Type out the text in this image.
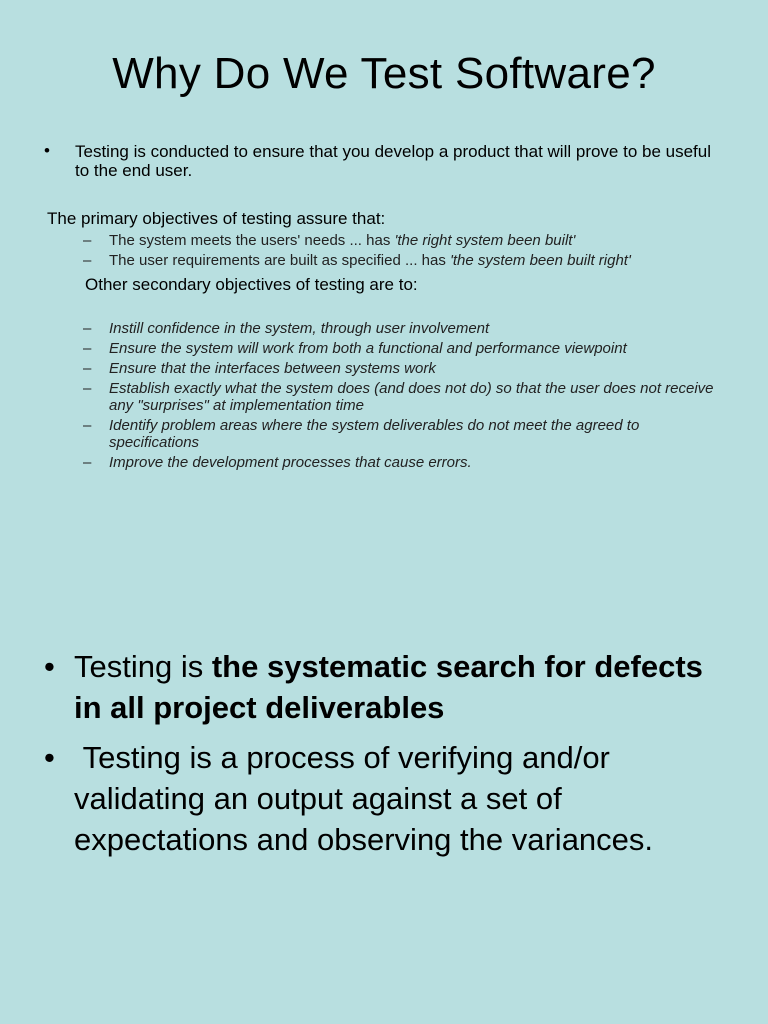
Why Do We Test Software?
• Testing is conducted to ensure that you develop a product that will prove to be useful to the end user.
The primary objectives of testing assure that:
– The system meets the users' needs ... has 'the right system been built'
– The user requirements are built as specified ... has 'the system been built right'
Other secondary objectives of testing are to:
– Instill confidence in the system, through user involvement
– Ensure the system will work from both a functional and performance viewpoint
– Ensure that the interfaces between systems work
– Establish exactly what the system does (and does not do) so that the user does not receive any "surprises" at implementation time
– Identify problem areas where the system deliverables do not meet the agreed to specifications
– Improve the development processes that cause errors.
• Testing is the systematic search for defects in all project deliverables
• Testing is a process of verifying and/or validating an output against a set of expectations and observing the variances.
